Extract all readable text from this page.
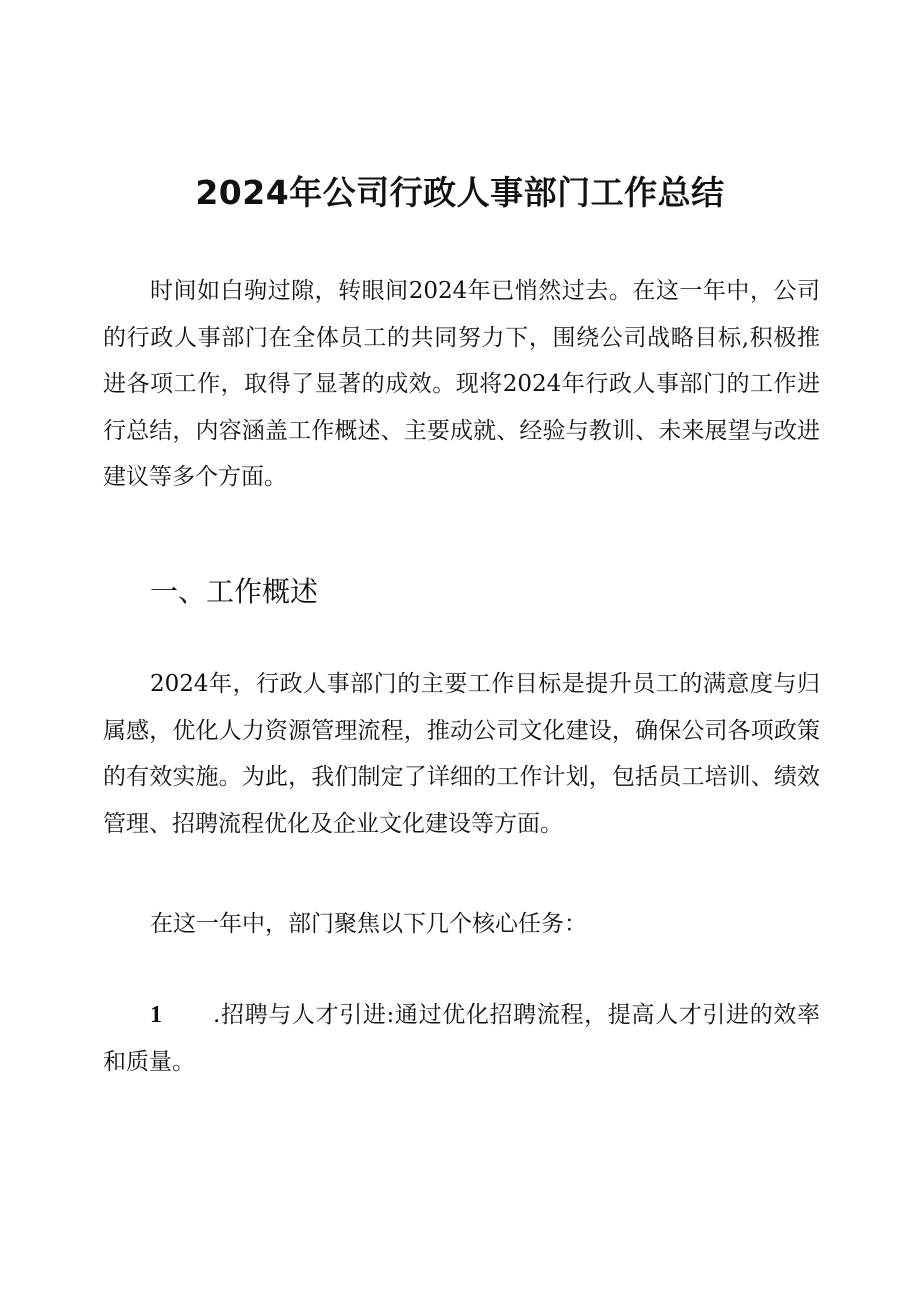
2024年公司行政人事部门工作总结

时间如白驹过隙，转眼间2024年已悄然过去。在这一年中，公司的行政人事部门在全体员工的共同努力下，围绕公司战略目标,积极推进各项工作，取得了显著的成效。现将2024年行政人事部门的工作进行总结，内容涵盖工作概述、主要成就、经验与教训、未来展望与改进建议等多个方面。

一、工作概述

2024年，行政人事部门的主要工作目标是提升员工的满意度与归属感，优化人力资源管理流程，推动公司文化建设，确保公司各项政策的有效实施。为此，我们制定了详细的工作计划，包括员工培训、绩效管理、招聘流程优化及企业文化建设等方面。

在这一年中，部门聚焦以下几个核心任务：

1 .招聘与人才引进:通过优化招聘流程，提高人才引进的效率和质量。
